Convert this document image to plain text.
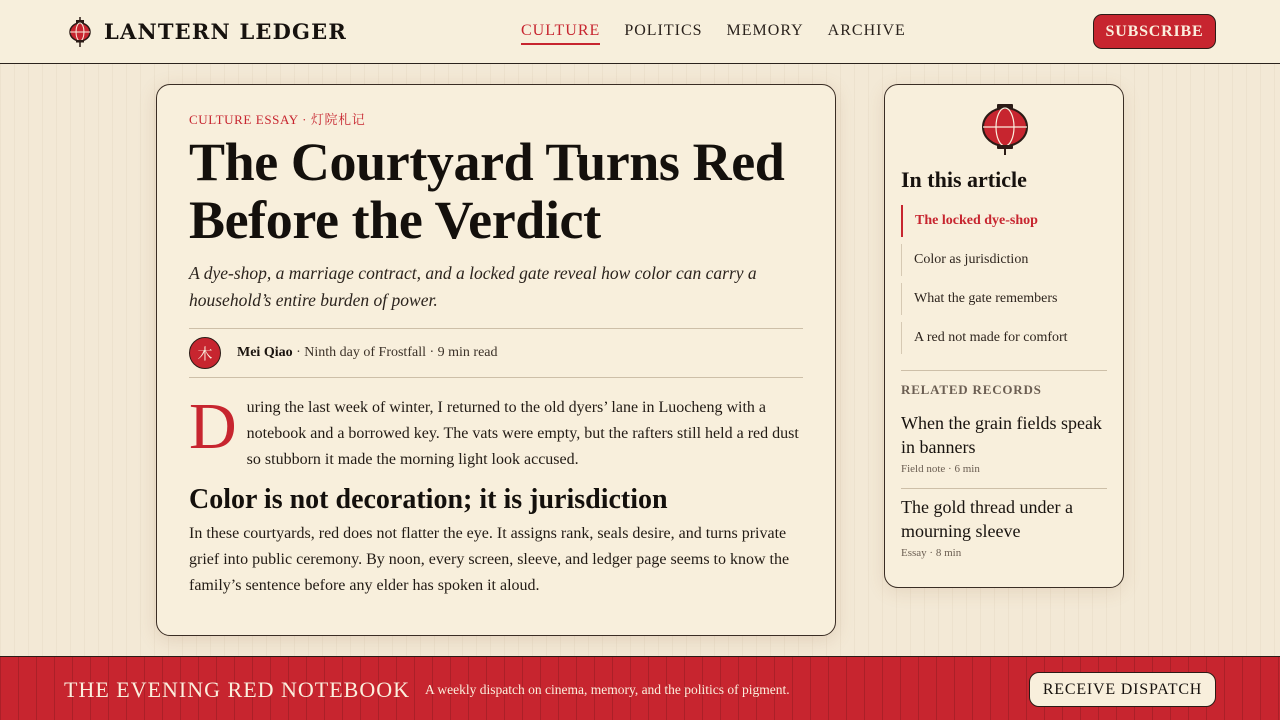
LANTERN LEDGER	CULTURE POLITICS MEMORY ARCHIVE	SUBSCRIBE
CULTURE ESSAY · 灯院札记
The Courtyard Turns Red Before the Verdict

A dye-shop, a marriage contract, and a locked gate reveal how color can carry a household’s entire burden of power.

木	Mei Qiao · Ninth day of Frostfall · 9 min read

During the last week of winter, I returned to the old dyers’ lane in Luocheng with a notebook and a borrowed key. The vats were empty, but the rafters still held a red dust so stubborn it made the morning light look accused.

Color is not decoration; it is jurisdiction

In these courtyards, red does not flatter the eye. It assigns rank, seals desire, and turns private grief into public ceremony. By noon, every screen, sleeve, and ledger page seems to know the family’s sentence before any elder has spoken it aloud.

In this article
The locked dye-shop
Color as jurisdiction
What the gate remembers
A red not made for comfort
RELATED RECORDS
When the grain fields speak in banners
Field note · 6 min
The gold thread under a mourning sleeve
Essay · 8 min
THE EVENING RED NOTEBOOK A weekly dispatch on cinema, memory, and the politics of pigment.	RECEIVE DISPATCH
